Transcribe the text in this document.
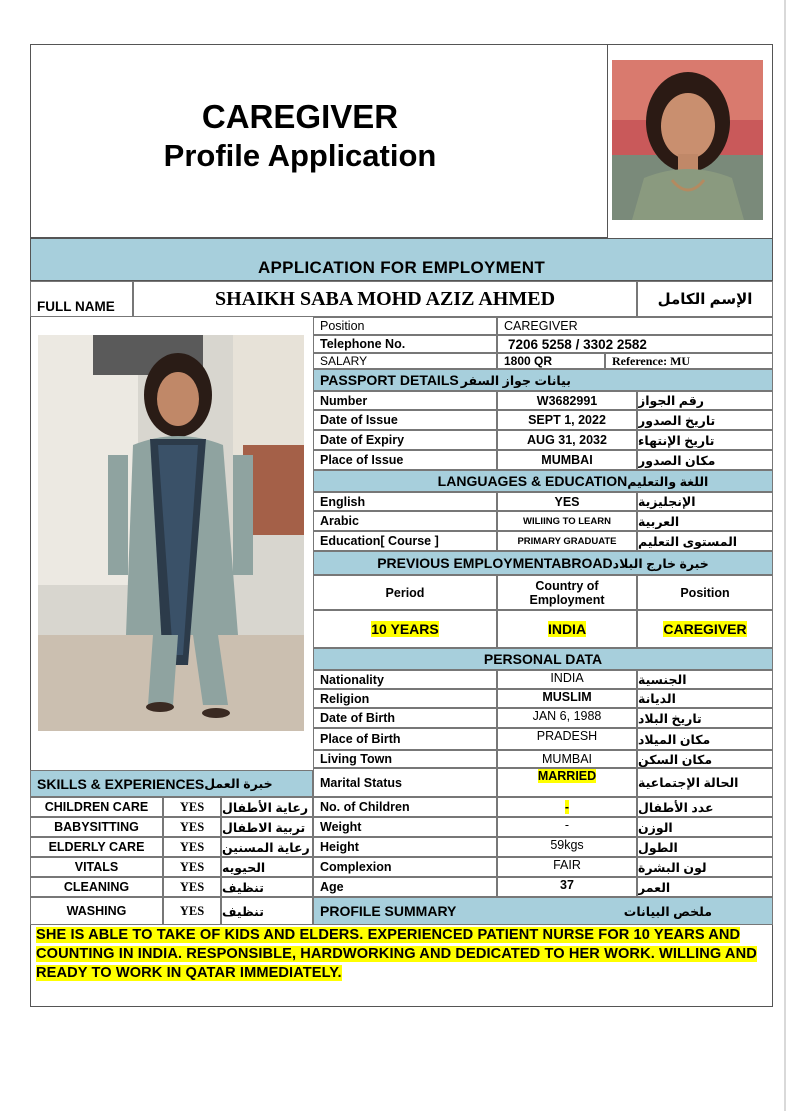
CAREGIVER
Profile Application
APPLICATION FOR EMPLOYMENT
FULL NAME	SHAIKH SABA MOHD AZIZ AHMED	الإسم الكامل
Position	CAREGIVER
Telephone No.	7206 5258 / 3302 2582
SALARY	1800 QR	Reference: MU
PASSPORT DETAILS بيانات جواز السفر
Number	W3682991	رقم الجواز
Date of Issue	SEPT 1, 2022	تاريخ الصدور
Date of Expiry	AUG 31, 2032	تاريخ الإنتهاء
Place of Issue	MUMBAI	مكان الصدور
LANGUAGES & EDUCATION اللغة والتعليم
English	YES	الإنجليزية
Arabic	WILIING TO LEARN	العربية
Education[ Course ]	PRIMARY GRADUATE	المستوى التعليم
PREVIOUS EMPLOYMENTABROAD خبرة خارج البلاد
Period	Country of Employment	Position
10 YEARS	INDIA	CAREGIVER
PERSONAL DATA
Nationality	INDIA	الجنسية
Religion	MUSLIM	الديانة
Date of Birth	JAN 6, 1988	تاريخ البلاد
Place of Birth	PRADESH	مكان الميلاد
Living Town	MUMBAI	مكان السكن
Marital Status	MARRIED	الحالة الإجتماعية
No. of Children	-	عدد الأطفال
Weight	-	الوزن
Height	59kgs	الطول
Complexion	FAIR	لون البشرة
Age	37	العمر
SKILLS & EXPERIENCES خبرة العمل
CHILDREN CARE	YES	رعاية الأطفال
BABYSITTING	YES	تربية الاطفال
ELDERLY CARE	YES	رعاية المسنين
VITALS	YES	الحيويه
CLEANING	YES	تنظيف
WASHING	YES	تنظيف	PROFILE SUMMARY	ملخص البيانات
SHE IS ABLE TO TAKE OF KIDS AND ELDERS. EXPERIENCED PATIENT NURSE FOR 10 YEARS AND COUNTING IN INDIA. RESPONSIBLE, HARDWORKING AND DEDICATED TO HER WORK. WILLING AND READY TO WORK IN QATAR IMMEDIATELY.
